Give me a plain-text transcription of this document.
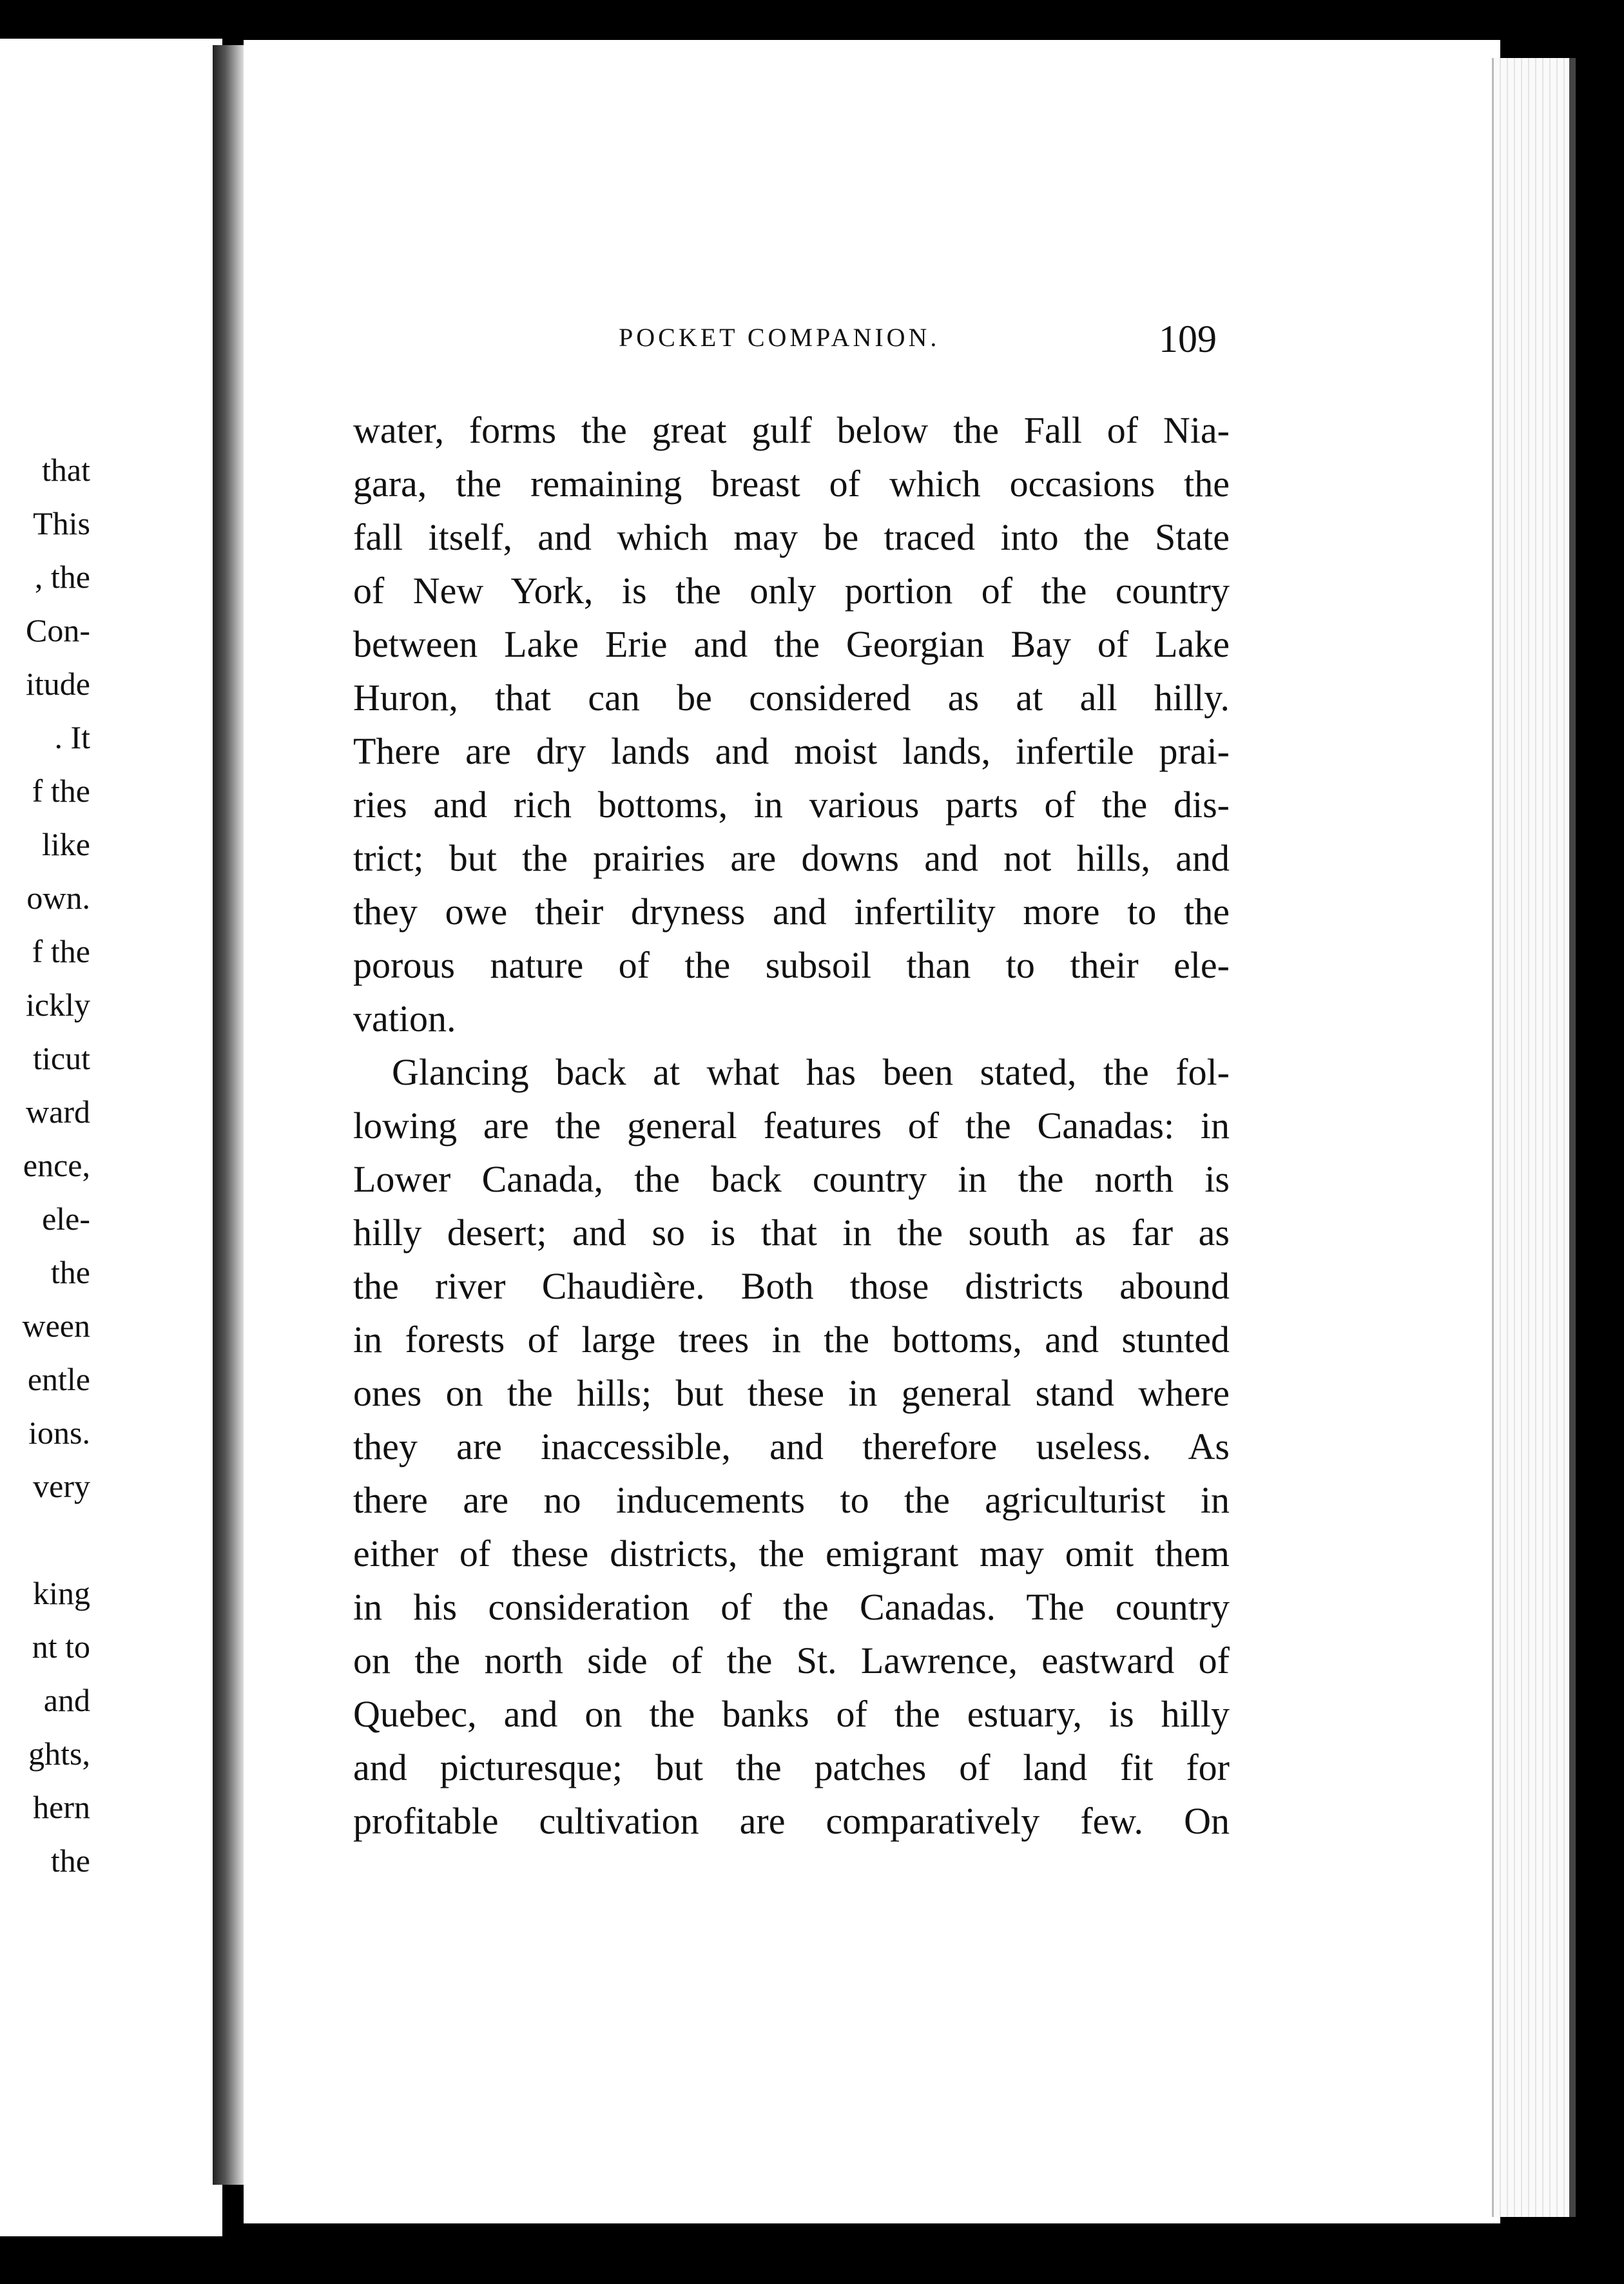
that
This
, the
Con-
itude
. It
f the
like
own.
f the
ickly
ticut
ward
ence,
ele-
the
ween
entle
ions.
very
king
nt to
and
ghts,
hern
the
POCKET COMPANION.	109
water, forms the great gulf below the Fall of Nia-
gara, the remaining breast of which occasions the
fall itself, and which may be traced into the State
of New York, is the only portion of the country
between Lake Erie and the Georgian Bay of Lake
Huron, that can be considered as at all hilly.
There are dry lands and moist lands, infertile prai-
ries and rich bottoms, in various parts of the dis-
trict; but the prairies are downs and not hills, and
they owe their dryness and infertility more to the
porous nature of the subsoil than to their ele-
vation.
Glancing back at what has been stated, the fol-
lowing are the general features of the Canadas: in
Lower Canada, the back country in the north is
hilly desert; and so is that in the south as far as
the river Chaudière. Both those districts abound
in forests of large trees in the bottoms, and stunted
ones on the hills; but these in general stand where
they are inaccessible, and therefore useless. As
there are no inducements to the agriculturist in
either of these districts, the emigrant may omit them
in his consideration of the Canadas. The country
on the north side of the St. Lawrence, eastward of
Quebec, and on the banks of the estuary, is hilly
and picturesque; but the patches of land fit for
profitable cultivation are comparatively few. On
